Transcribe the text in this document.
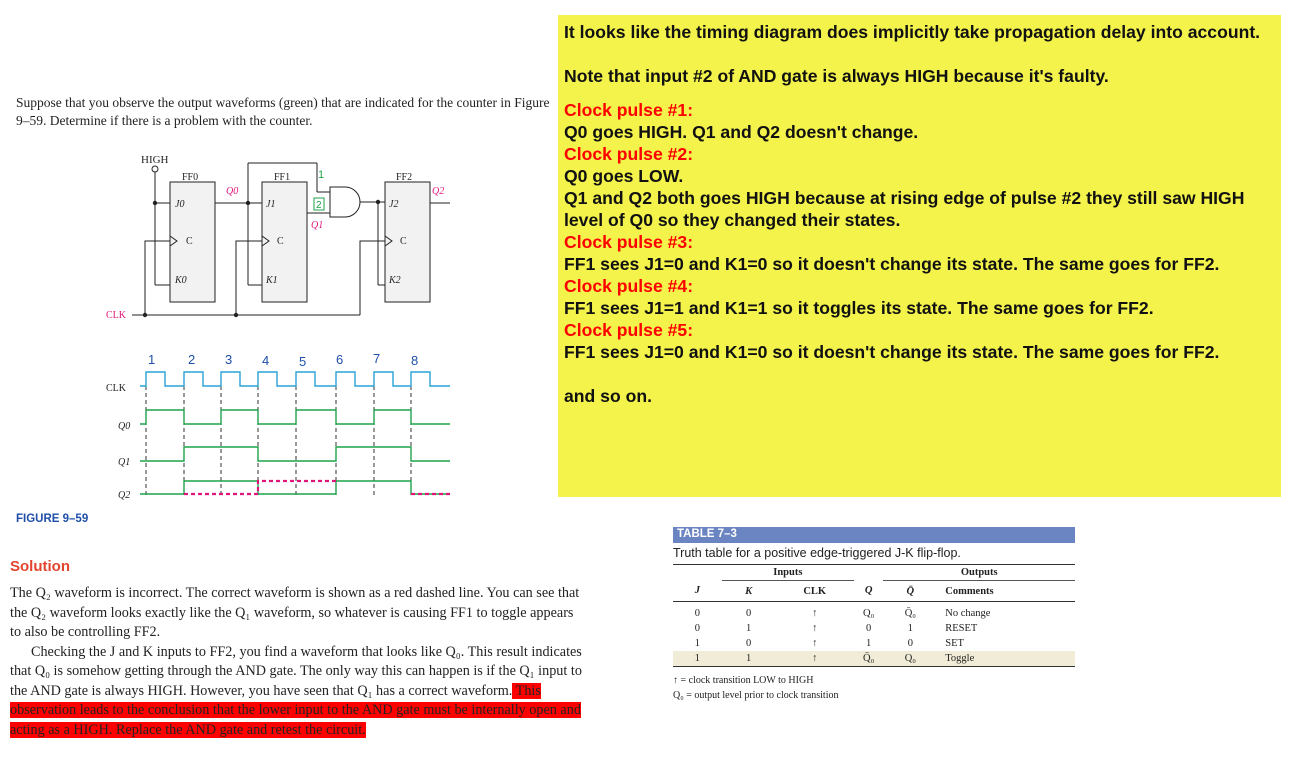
Suppose that you observe the output waveforms (green) that are indicated for the counter in Figure 9–59. Determine if there is a problem with the counter.
HIGH
FF0
J0
C
K0
Q0
FF1
J1
C
K1
Q1
2
1	FF2
J2
C
K2
Q2
CLK
1	2 3 4 5 6 7 8
CLK
Q0
Q1
Q2
FIGURE 9–59
Solution

The Q₂ waveform is incorrect. The correct waveform is shown as a red dashed line. You can see that the Q₂ waveform looks exactly like the Q₁ waveform, so whatever is causing FF1 to toggle appears to also be controlling FF2.

Checking the J and K inputs to FF2, you find a waveform that looks like Q₀. This result indicates that Q₀ is somehow getting through the AND gate. The only way this can happen is if the Q₁ input to the AND gate is always HIGH. However, you have seen that Q₁ has a correct waveform. This observation leads to the conclusion that the lower input to the AND gate must be internally open and acting as a HIGH. Replace the AND gate and retest the circuit.

It looks like the timing diagram does implicitly take propagation delay into account.

Note that input #2 of AND gate is always HIGH because it's faulty.

Clock pulse #1:

Q0 goes HIGH. Q1 and Q2 doesn't change.

Clock pulse #2:

Q0 goes LOW.

Q1 and Q2 both goes HIGH because at rising edge of pulse #2 they still saw HIGH level of Q0 so they changed their states.

Clock pulse #3:

FF1 sees J1=0 and K1=0 so it doesn't change its state. The same goes for FF2.

Clock pulse #4:

FF1 sees J1=1 and K1=1 so it toggles its state. The same goes for FF2.

Clock pulse #5:

FF1 sees J1=0 and K1=0 so it doesn't change its state. The same goes for FF2.

and so on.

TABLE 7–3
Truth table for a positive edge-triggered J-K flip-flop.
	Inputs			Outputs		
J	K	CLK	Q	Q̄	Comments	
0	0	↑	Q₀	Q̄₀	No change	
0	1	↑	0	1	RESET	
1	0	↑	1	0	SET	
1	1	↑	Q̄₀	Q₀	Toggle	
↑ = clock transition LOW to HIGH
Q₀ = output level prior to clock transition
